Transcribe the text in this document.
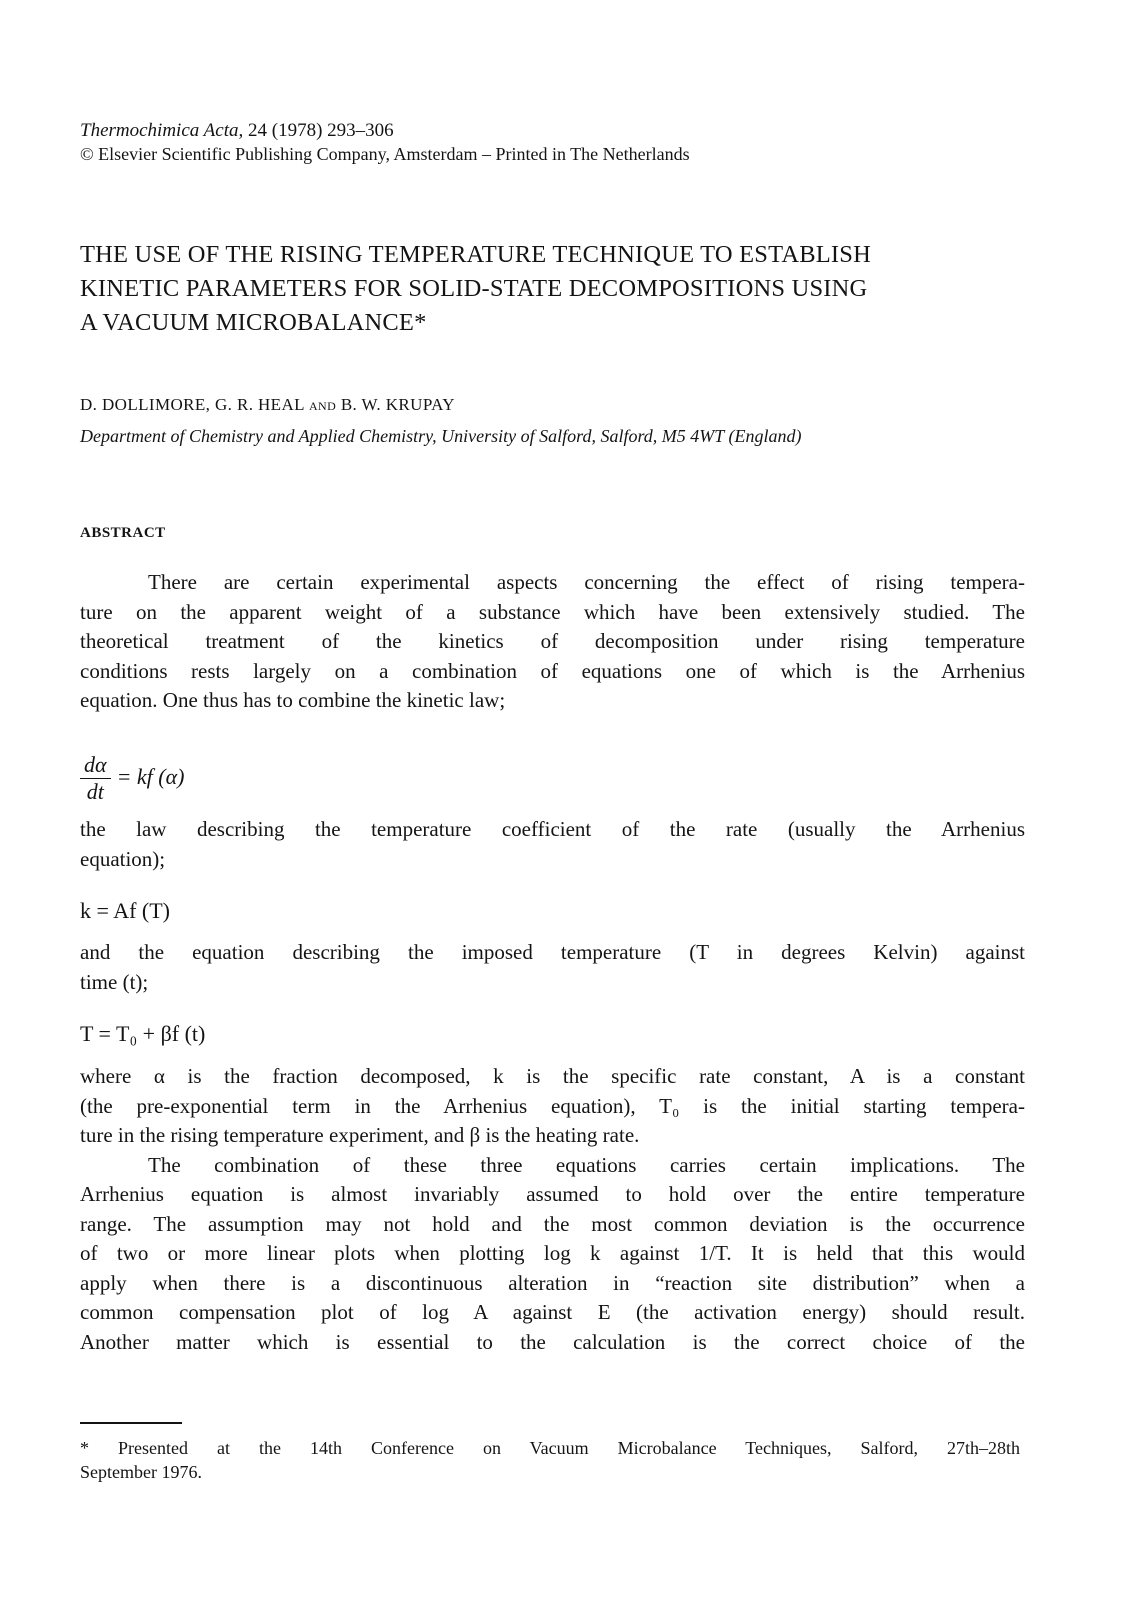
Thermochimica Acta, 24 (1978) 293–306
© Elsevier Scientific Publishing Company, Amsterdam – Printed in The Netherlands
THE USE OF THE RISING TEMPERATURE TECHNIQUE TO ESTABLISH
KINETIC PARAMETERS FOR SOLID-STATE DECOMPOSITIONS USING
A VACUUM MICROBALANCE*
D. DOLLIMORE, G. R. HEAL AND B. W. KRUPAY
Department of Chemistry and Applied Chemistry, University of Salford, Salford, M5 4WT (England)
ABSTRACT
There are certain experimental aspects concerning the effect of rising tempera-
ture on the apparent weight of a substance which have been extensively studied. The
theoretical treatment of the kinetics of decomposition under rising temperature
conditions rests largely on a combination of equations one of which is the Arrhenius
equation. One thus has to combine the kinetic law;
$\frac{d\alpha}{dt}$ = kf (α)
the law describing the temperature coefficient of the rate (usually the Arrhenius
equation);
k = Af (T)
and the equation describing the imposed temperature (T in degrees Kelvin) against
time (t);
T = T₀ + βf (t)
where α is the fraction decomposed, k is the specific rate constant, A is a constant
(the pre-exponential term in the Arrhenius equation), T₀ is the initial starting tempera-
ture in the rising temperature experiment, and β is the heating rate.
The combination of these three equations carries certain implications. The
Arrhenius equation is almost invariably assumed to hold over the entire temperature
range. The assumption may not hold and the most common deviation is the occurrence
of two or more linear plots when plotting log k against 1/T. It is held that this would
apply when there is a discontinuous alteration in “reaction site distribution” when a
common compensation plot of log A against E (the activation energy) should result.
Another matter which is essential to the calculation is the correct choice of the
* Presented at the 14th Conference on Vacuum Microbalance Techniques, Salford, 27th–28th
September 1976.
